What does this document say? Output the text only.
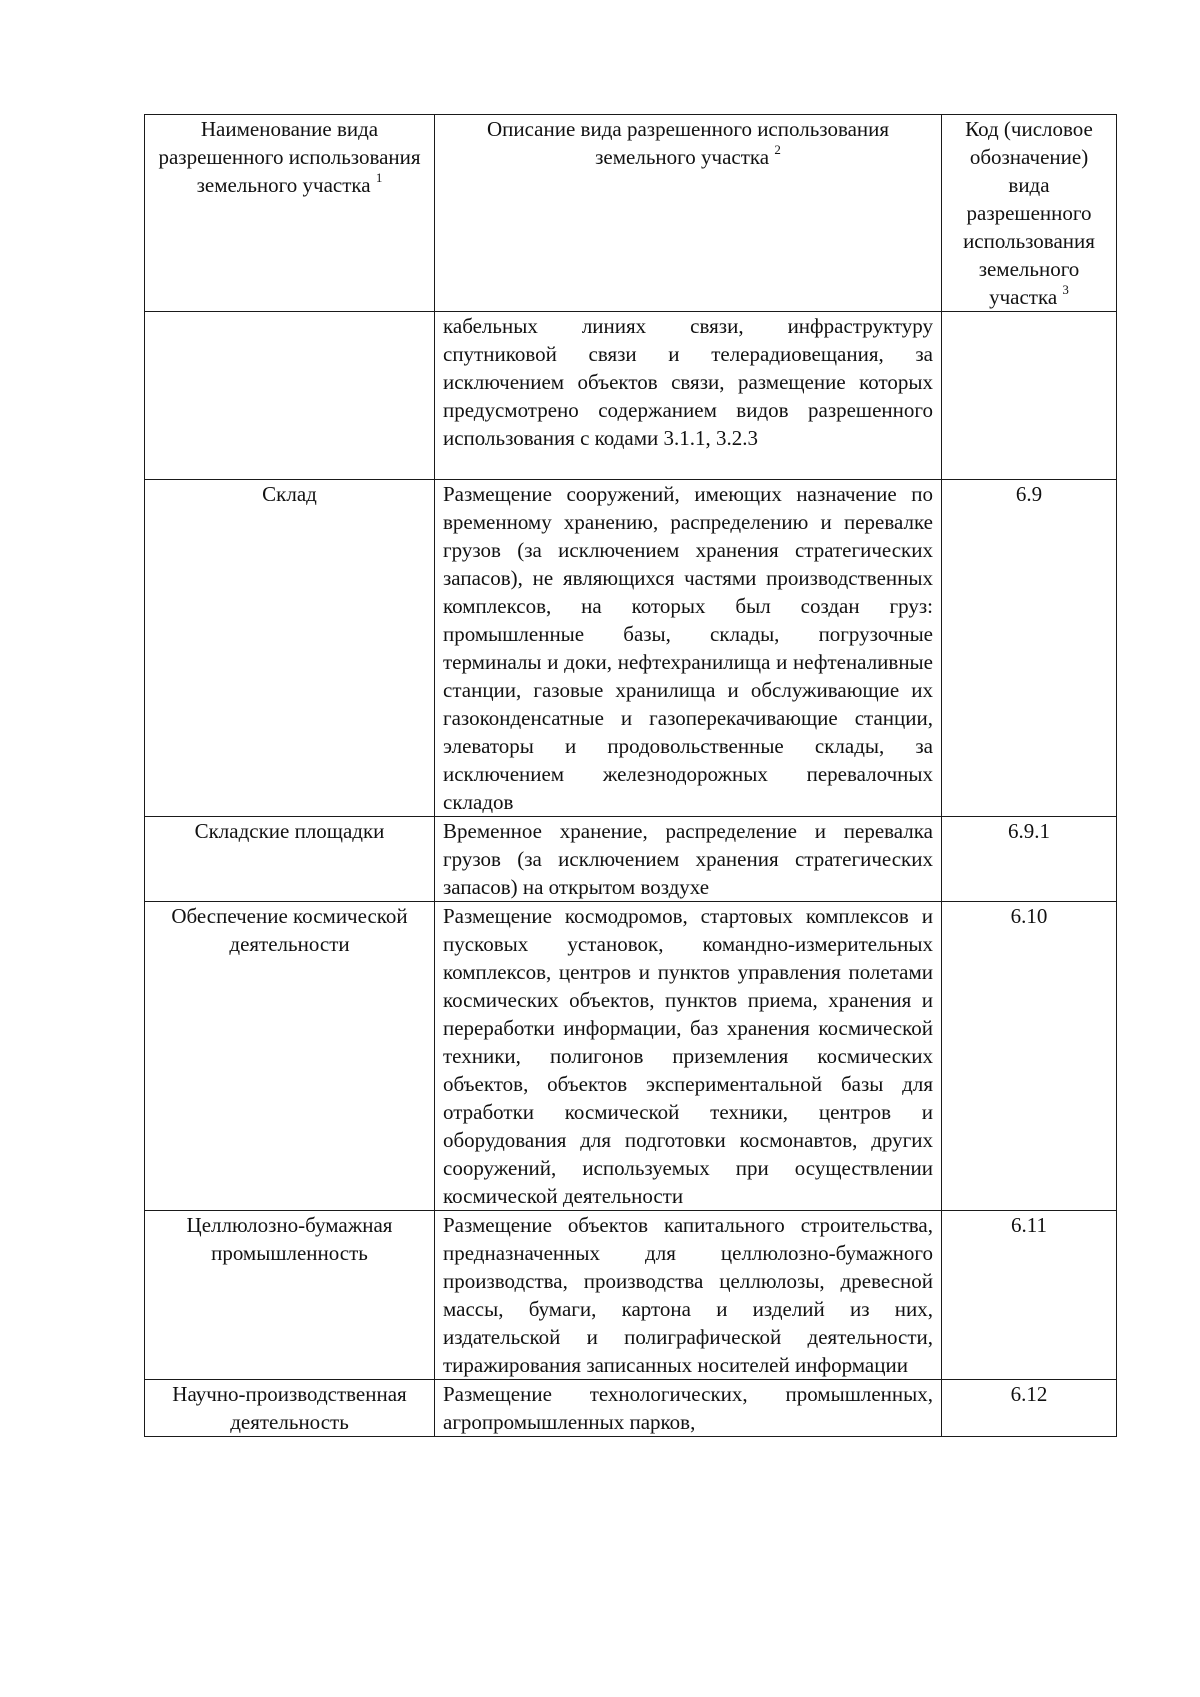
Наименование вида разрешенного использования земельного участка $^1$	Описание вида разрешенного использования земельного участка $^2$	Код (числовое обозначение) вида разрешенного использования земельного участка $^3$
	кабельных линиях связи, инфраструктуру спутниковой связи и телерадиовещания, за исключением объектов связи, размещение которых предусмотрено содержанием видов разрешенного использования с кодами 3.1.1, 3.2.3	
Склад	Размещение сооружений, имеющих назначение по временному хранению, распределению и перевалке грузов (за исключением хранения стратегических запасов), не являющихся частями производственных комплексов, на которых был создан груз: промышленные базы, склады, погрузочные терминалы и доки, нефтехранилища и нефтеналивные станции, газовые хранилища и обслуживающие их газоконденсатные и газоперекачивающие станции, элеваторы и продовольственные склады, за исключением железнодорожных перевалочных складов	6.9
Складские площадки	Временное хранение, распределение и перевалка грузов (за исключением хранения стратегических запасов) на открытом воздухе	6.9.1
Обеспечение космической деятельности	Размещение космодромов, стартовых комплексов и пусковых установок, командно-измерительных комплексов, центров и пунктов управления полетами космических объектов, пунктов приема, хранения и переработки информации, баз хранения космической техники, полигонов приземления космических объектов, объектов экспериментальной базы для отработки космической техники, центров и оборудования для подготовки космонавтов, других сооружений, используемых при осуществлении космической деятельности	6.10
Целлюлозно-бумажная промышленность	Размещение объектов капитального строительства, предназначенных для целлюлозно-бумажного производства, производства целлюлозы, древесной массы, бумаги, картона и изделий из них, издательской и полиграфической деятельности, тиражирования записанных носителей информации	6.11
Научно-производственная деятельность	Размещение технологических, промышленных, агропромышленных парков,	6.12
